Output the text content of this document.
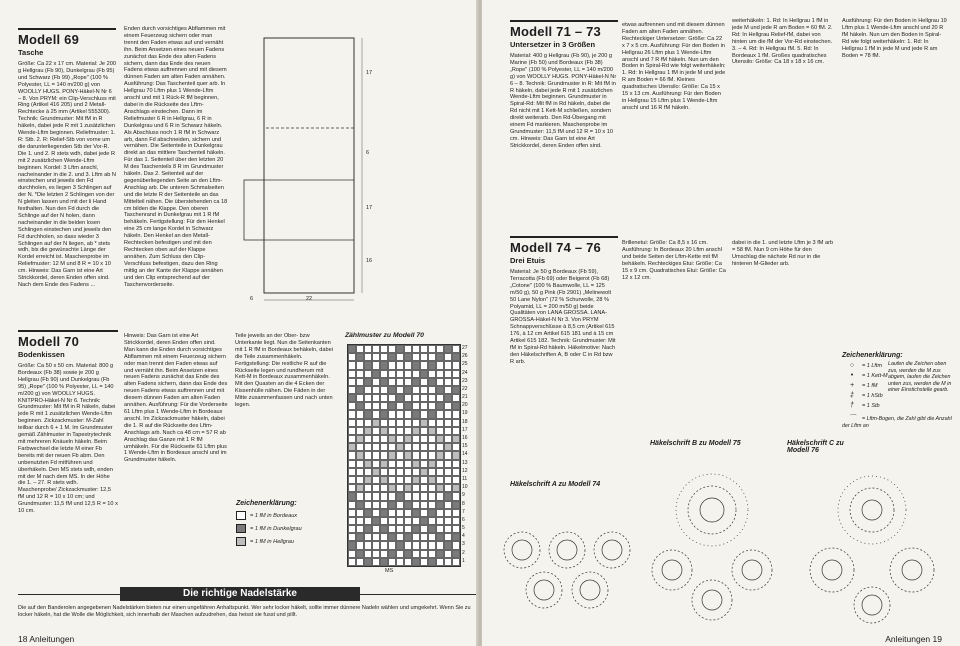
Modell 69
Tasche
Größe: Ca 22 x 17 cm. Material: Je 200 g Hellgrau (Fb 90), Dunkelgrau (Fb 95) und Schwarz (Fb 99) „Rope" (100 % Polyester, LL = 140 m/200 g) von WOOLLY HUGS. PONY-Häkel-N Nr 6 – 8. Von PRYM: ein Clip-Verschluss mit Ring (Artikel 416 205) und 2 Metall-Rechtecke à 25 mm (Artikel 555300). Technik: Grundmuster: Mit fM in R häkeln, dabei jede R mit 1 zusätzlichen Wende-Lftm beginnen. Reliefmuster: 1. R: Stb. 2. R: Relief-Stb von vorne um die darunterliegenden Stb der Vor-R. Die 1. und 2. R stets wdh, dabei jede R mit 2 zusätzlichen Wende-Lftm beginnen. Kordel: 3 Lftm anschl, nacheinander in die 2. und 3. Lftm ab N einstechen und jeweils den Fd durchholen, es liegen 3 Schlingen auf der N. *Die letzten 2 Schlingen von der N gleiten lassen und mit der li Hand festhalten. Nun den Fd durch die Schlinge auf der N holen, dann nacheinander in die beiden losen Schlingen einstechen und jeweils den Fd durchholen, so dass wieder 3 Schlingen auf der N liegen, ab * stets wdh, bis die gewünschte Länge der Kordel erreicht ist. Maschenprobe im Reliefmuster: 12 M und 8 R = 10 x 10 cm. Hinweis: Das Garn ist eine Art Strickkordel, deren Enden offen sind. Nach dem Ende des Fadens ...
Enden durch vorsichtiges Abflammen mit einem Feuerzeug sichern oder man trennt den Faden etwas auf und vernäht ihn. Beim Ansetzen eines neuen Fadens zunächst das Ende des alten Fadens sichern, dann das Ende des neuen Fadens etwas auftrennen und mit diesem dünnen Faden am alten Faden annähen. Ausführung: Das Taschenteil quer arb. In Hellgrau 70 Lftm plus 1 Wende-Lftm anschl und mit 1 Rück-R fM beginnen, dabei in die Rückseite des Lftm-Anschlags einstechen. Dann im Reliefmuster 6 R in Hellgrau, 6 R in Dunkelgrau und 6 R in Schwarz häkeln. Als Abschluss noch 1 R fM in Schwarz arb, dann Fd abschneiden, sichern und vernähen. Die Seitenteile in Dunkelgrau direkt an das mittlere Taschenteil häkeln. Für das 1. Seitenteil über den letzten 20 M des Taschenteils 8 R im Grundmuster häkeln. Das 2. Seitenteil auf der gegenüberliegenden Seite an den Lftm-Anschlag arb. Die unteren Schmalseiten und die letzte R der Seitenteile an das Mittelteil nähen. Die überstehenden ca 18 cm bilden die Klappe. Den oberen Taschenrand in Dunkelgrau mit 1 R fM behäkeln. Fertigstellung: Für den Henkel eine 25 cm lange Kordel in Schwarz häkeln. Den Henkel an den Metall-Rechtecken befestigen und mit den Rechtecken oben auf der Klappe annähen. Zum Schluss den Clip-Verschluss befestigen, dazu den Ring mittig an der Kante der Klappe annähen und den Clip entsprechend auf der Taschenvorderseite.
17
6
17
16
22
6
Modell 70
Bodenkissen
Größe: Ca 50 x 50 cm. Material: 800 g Bordeaux (Fb 38) sowie je 200 g Hellgrau (Fb 90) und Dunkelgrau (Fb 95) „Rope" (100 % Polyester, LL = 140 m/200 g) von WOOLLY HUGS. KNITPRO-Häkel-N Nr 6. Technik: Grundmuster: Mit fM in R häkeln, dabei jede R mit 1 zusätzlichen Wende-Lftm beginnen. Zickzackmuster: M-Zahl teilbar durch 6 + 1 M. Im Grundmuster gemäß Zählmuster in Tapestrytechnik mit mehreren Knäueln häkeln. Beim Farbwechsel die letzte M einer Fb bereits mit der neuen Fb abm. Den unbenutzten Fd mitführen und überhäkeln. Den MS stets wdh, enden mit der M nach dem MS. In der Höhe die 1. – 27. R stets wdh. Maschenprobe/ Zickzackmuster: 12,5 fM und 12 R = 10 x 10 cm; und Grundmuster: 11,5 fM und 12,5 R = 10 x 10 cm.
Hinweis: Das Garn ist eine Art Strickkordel, deren Enden offen sind. Man kann die Enden durch vorsichtiges Abflammen mit einem Feuerzeug sichern oder man trennt den Faden etwas auf und vernäht ihn. Beim Ansetzen eines neuen Fadens zunächst das Ende des alten Fadens sichern, dann das Ende des neuen Fadens etwas auftrennen und mit diesem dünnen Faden am alten Faden annähen. Ausführung: Für die Vorderseite 61 Lftm plus 1 Wende-Lftm in Bordeaux anschl. Im Zickzackmuster häkeln, dabei die 1. R auf die Rückseite des Lftm-Anschlags arb. Nach ca 48 cm = 57 R ab Anschlag das Ganze mit 1 R fM umhäkeln. Für die Rückseite 61 Lftm plus 1 Wende-Lftm in Bordeaux anschl und im Grundmuster häkeln.
Teile jeweils an der Ober- bzw Unterkante liegt. Nun die Seitenkanten mit 1 R fM in Bordeaux behäkeln, dabei die Teile zusammenhäkeln. Fertigstellung: Die restliche R auf die Rückseite legen und rundherum mit Kett-M in Bordeaux zusammenhäkeln. Mit den Quasten an die 4 Ecken der Kissenhülle nähen. Die Fäden in der Mitte zusammenfassen und nach unten legen.
Zählmuster zu Modell 70
27
26
25
24
23
22
21
20
19
18
17
16
15
14
13
12
11
10
9
8
7
6
5
4
3
2
1
MS
Zeichenerklärung:
= 1 fM in Bordeaux
= 1 fM in Dunkelgrau
= 1 fM in Hellgrau
Die richtige Nadelstärke
Die auf den Banderolen angegebenen Nadelstärken bieten nur einen ungefähren Anhaltspunkt. Wer sehr locker häkelt, sollte immer dünnere Nadeln wählen und umgekehrt. Wenn Sie zu locker häkeln, hat die Wolle die Möglichkeit, sich innerhalb der Maschen aufzudrehen, das heisst sie fusst und pillt.
18 Anleitungen
Modell 71 – 73
Untersetzer in 3 Größen
Material: 400 g Hellgrau (Fb 90), je 200 g Marine (Fb 50) und Bordeaux (Fb 38) „Rope" (100 % Polyester, LL = 140 m/200 g) von WOOLLY HUGS. PONY-Häkel-N Nr 6 – 8. Technik: Grundmuster in R: Mit fM in R häkeln, dabei jede R mit 1 zusätzlichen Wende-Lftm beginnen. Grundmuster in Spiral-Rd: Mit fM in Rd häkeln, dabei die Rd nicht mit 1 Kett-M schließen, sondern direkt weiterarb. Den Rd-Übergang mit einem Fd markieren. Maschenprobe im Grundmuster: 11,5 fM und 12 R = 10 x 10 cm. Hinweis: Das Garn ist eine Art Strickkordel, deren Enden offen sind.
etwas auftrennen und mit diesem dünnen Faden am alten Faden annähen. Rechteckiger Untersetzer: Größe: Ca 22 x 7 x 5 cm. Ausführung: Für den Boden in Hellgrau 26 Lftm plus 1 Wende-Lftm anschl und 7 R fM häkeln. Nun um den Boden in Spiral-Rd wie folgt weiterhäkeln: 1. Rd: In Hellgrau 1 fM in jede M und jede R am Boden = 66 fM. Kleines quadratisches Utensilo: Größe: Ca 15 x 15 x 13 cm. Ausführung: Für den Boden in Hellgrau 15 Lftm plus 1 Wende-Lftm anschl und 16 R fM häkeln.
weiterhäkeln: 1. Rd: In Hellgrau 1 fM in jede M und jede R am Boden = 60 fM. 2. Rd: In Hellgrau Relief-fM, dabei von hinten um die fM der Vor-Rd einstechen. 3. – 4. Rd: In Hellgrau fM. 5. Rd: In Bordeaux 1 fM. Großes quadratisches Utensilo: Größe: Ca 18 x 18 x 16 cm.
Ausführung: Für den Boden in Hellgrau 19 Lftm plus 1 Wende-Lftm anschl und 20 R fM häkeln. Nun um den Boden in Spiral-Rd wie folgt weiterhäkeln: 1. Rd: In Hellgrau 1 fM in jede M und jede R am Boden = 78 fM.
Modell 74 – 76
Drei Etuis
Material: Je 50 g Bordeaux (Fb 59), Terracotta (Fb 69) oder Beigerot (Fb 68) „Cotone" (100 % Baumwolle, LL = 125 m/50 g), 50 g Pink (Fb 2901) „Melinewolt 50 Lane Nylon" (72 % Schurwolle, 28 % Polyamid, LL = 200 m/50 g) beide Qualitäten von LANA GROSSA. LANA-GROSSA-Häkel-N Nr 3. Von PRYM Schnappverschlüsse à 8,5 cm (Artikel 615 176, à 12 cm Artikel 615 181 und à 15 cm Artikel 615 182. Technik: Grundmuster: Mit fM in Spiral-Rd häkeln. Häkelmotive: Nach den Häkelschriften A, B oder C in Rd bzw R arb.
Brillenetui: Größe: Ca 8,5 x 16 cm. Ausführung: In Bordeaux 20 Lftm anschl und beide Seiten der Lftm-Kette mit fM behäkeln. Rechteckiges Etui: Größe: Ca 15 x 9 cm. Quadratisches Etui: Größe: Ca 12 x 12 cm.
dabei in die 1. und letzte Lftm je 3 fM arb = 58 fM. Nun 9 cm Höhe für den Umschlag die nächste Rd nur in die hinteren M-Glieder arb.
Zeichenerklärung:
○ = 1 Lftm
• = 1 Kett-M
+ = 1 fM
‡ = 1 hStb
† = 1 Stb
Laufen die Zeichen oben zus, werden die M zus abgem, laufen die Zeichen unten zus, werden die M in einer Einstichstelle gearb.
⌒ = Lftm-Bogen, die Zahl gibt die Anzahl der Lftm an
Häkelschrift A zu Modell 74
Häkelschrift B zu Modell 75	Häkelschrift C zu Modell 76
Anleitungen 19
